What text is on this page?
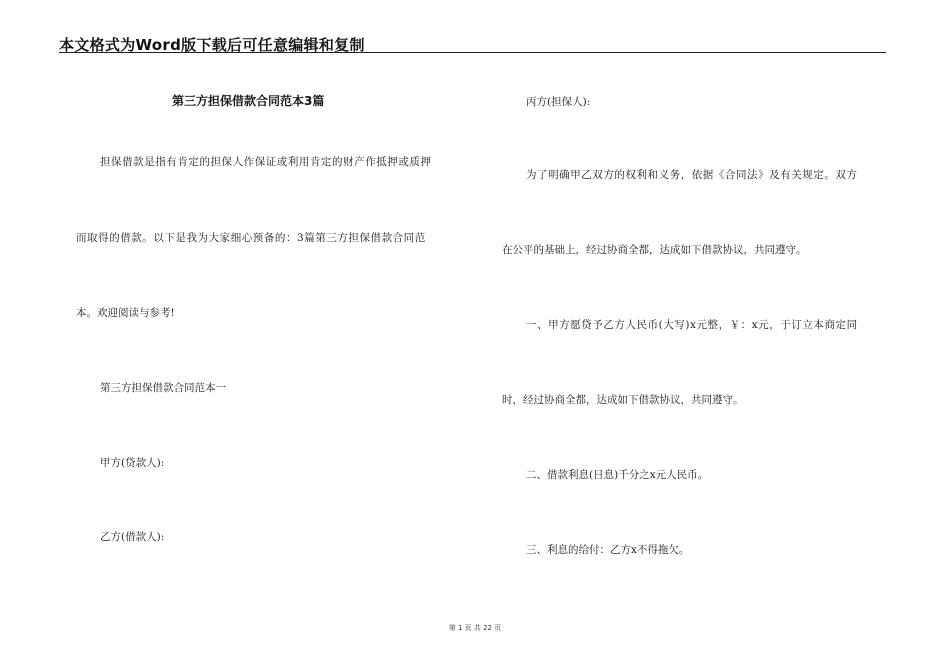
本文格式为Word版下载后可任意编辑和复制
第三方担保借款合同范本3篇
担保借款是指有肯定的担保人作保证或利用肯定的财产作抵押或质押
而取得的借款。以下是我为大家细心预备的：3篇第三方担保借款合同范
本。欢迎阅读与参考!
第三方担保借款合同范本一
甲方(贷款人):
乙方(借款人):
丙方(担保人):
为了明确甲乙双方的权利和义务，依据《合同法》及有关规定。双方
在公平的基础上，经过协商全都，达成如下借款协议，共同遵守。
一、甲方愿贷予乙方人民币(大写)x元整，￥：x元，于订立本商定同
时，经过协商全都，达成如下借款协议，共同遵守。
二、借款利息(日息)千分之x元人民币。
三、利息的给付：乙方x不得拖欠。
第 1 页 共 22 页
